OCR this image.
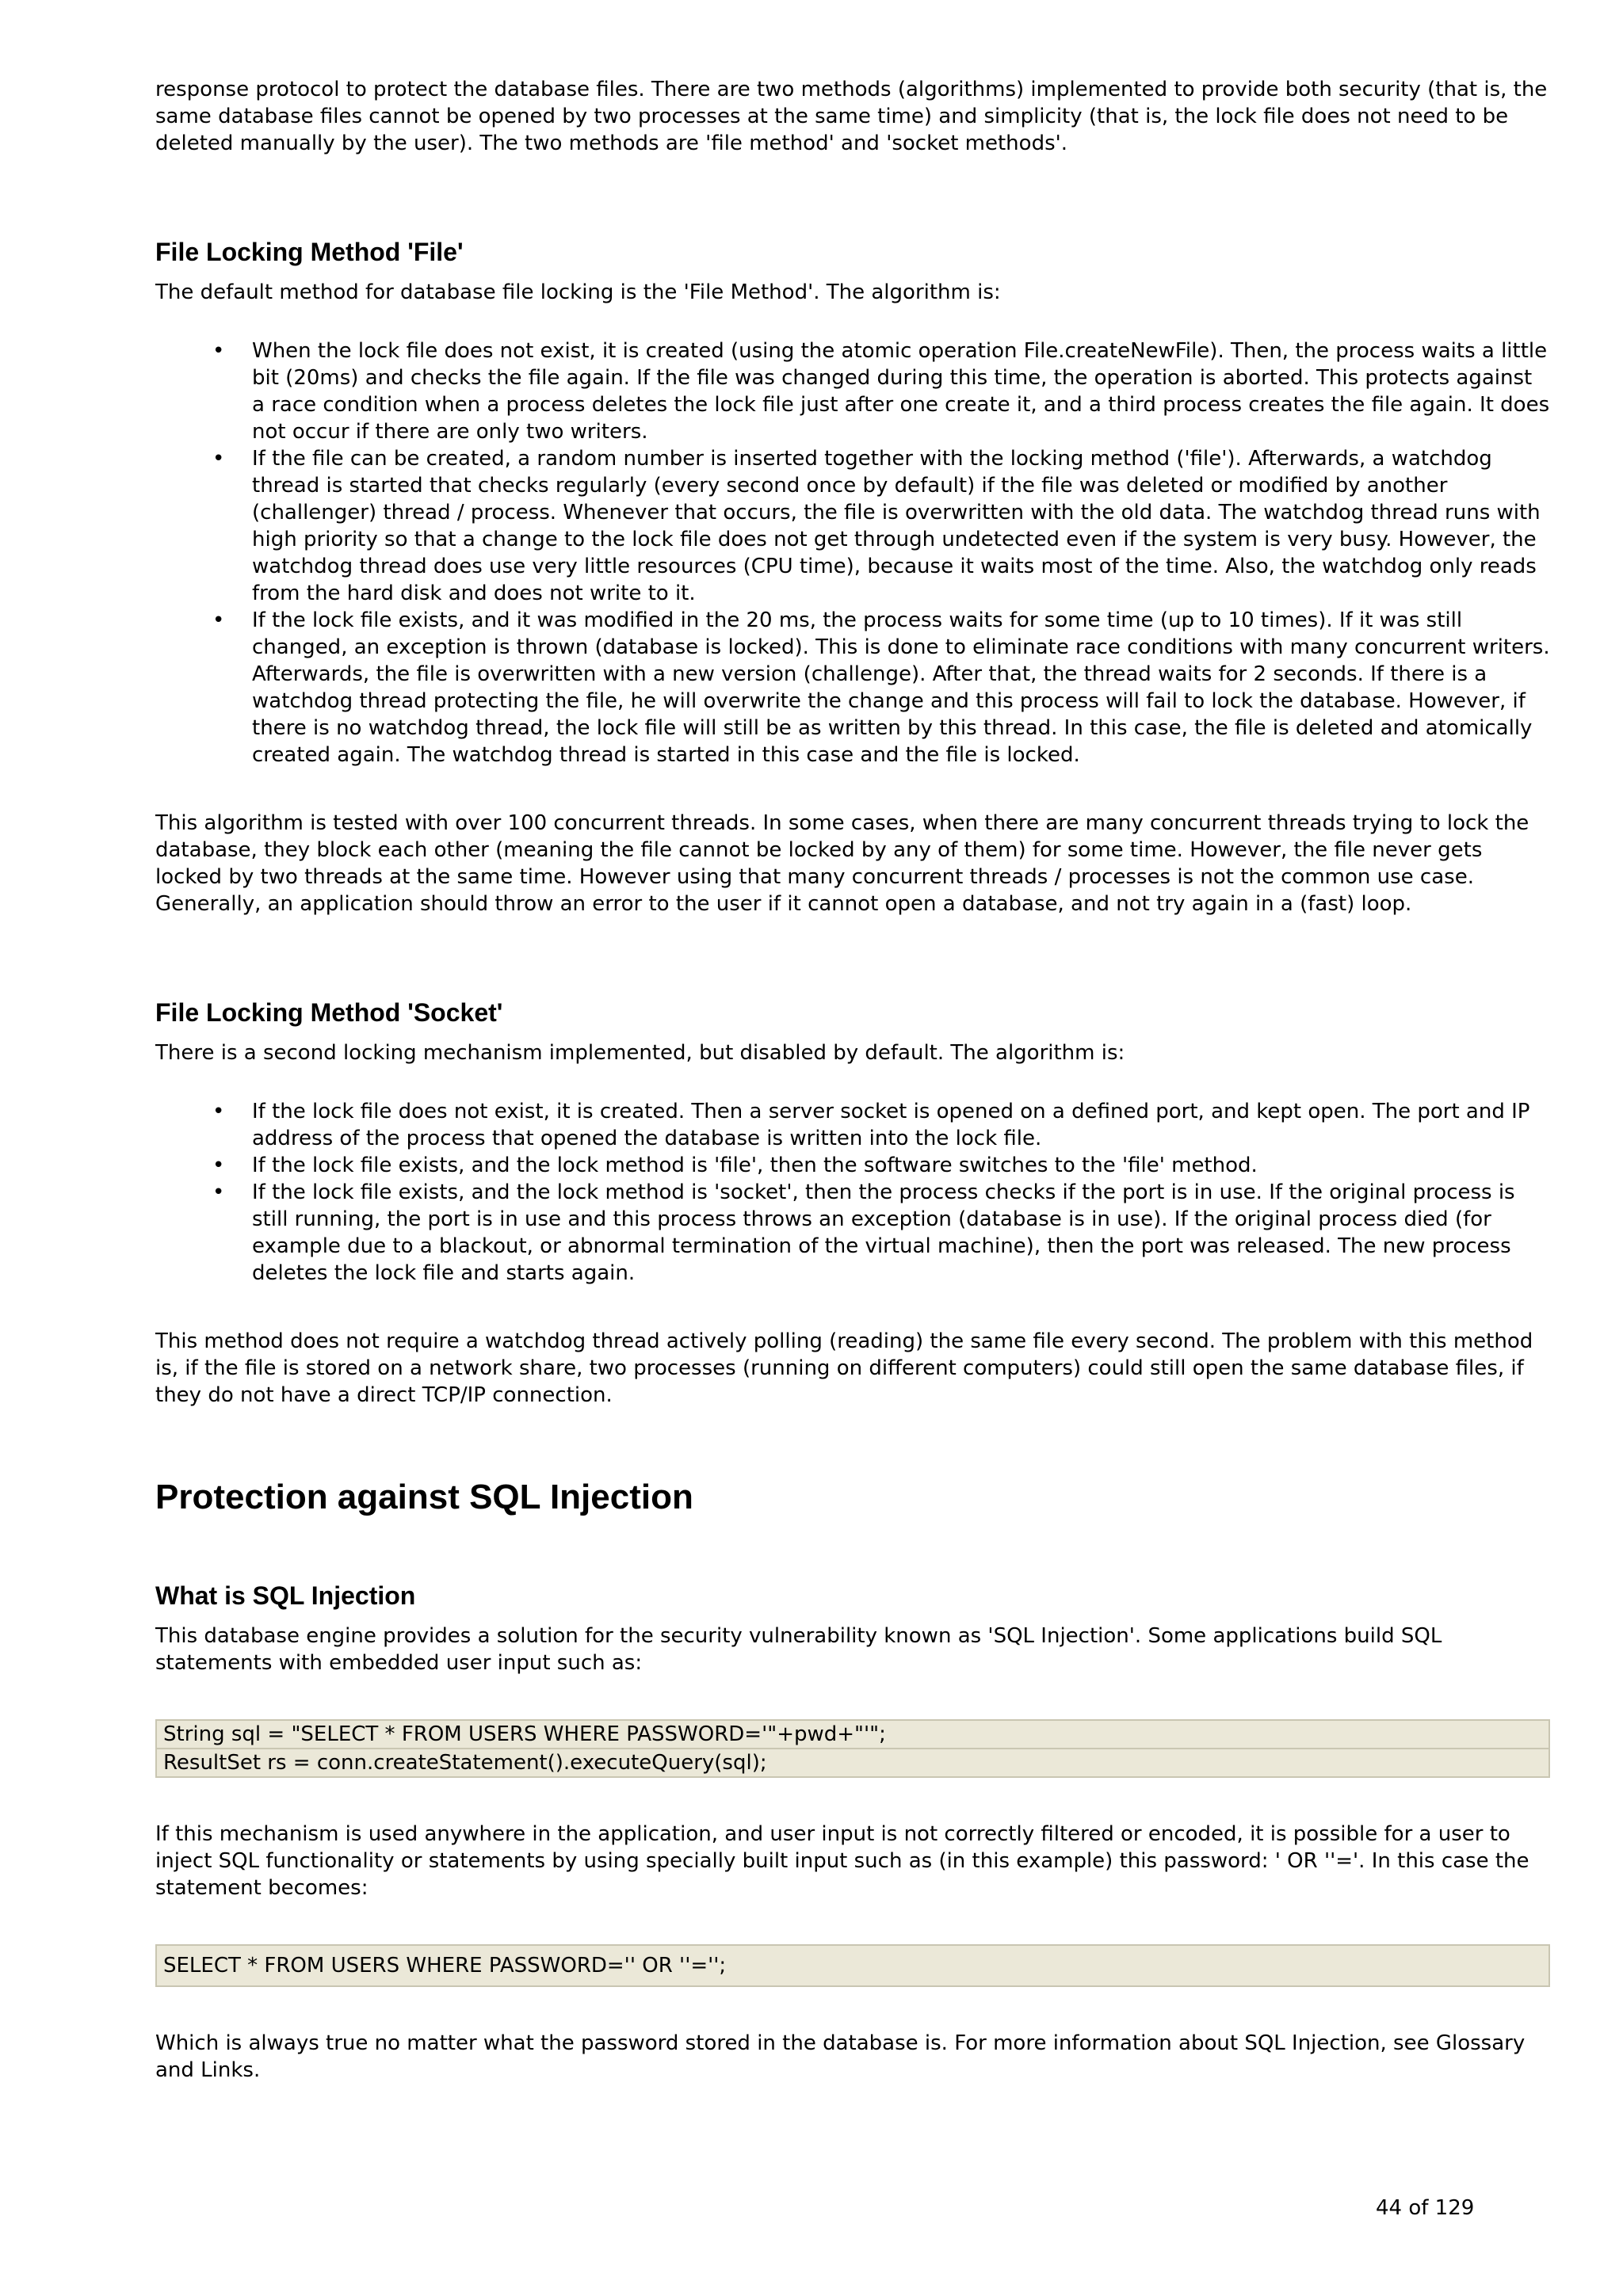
response protocol to protect the database files. There are two methods (algorithms) implemented to provide both security (that is, the same database files cannot be opened by two processes at the same time) and simplicity (that is, the lock file does not need to be deleted manually by the user). The two methods are 'file method' and 'socket methods'.

File Locking Method 'File'

The default method for database file locking is the 'File Method'. The algorithm is:

• When the lock file does not exist, it is created (using the atomic operation File.createNewFile). Then, the process waits a little bit (20ms) and checks the file again. If the file was changed during this time, the operation is aborted. This protects against a race condition when a process deletes the lock file just after one create it, and a third process creates the file again. It does not occur if there are only two writers.
• If the file can be created, a random number is inserted together with the locking method ('file'). Afterwards, a watchdog thread is started that checks regularly (every second once by default) if the file was deleted or modified by another (challenger) thread / process. Whenever that occurs, the file is overwritten with the old data. The watchdog thread runs with high priority so that a change to the lock file does not get through undetected even if the system is very busy. However, the watchdog thread does use very little resources (CPU time), because it waits most of the time. Also, the watchdog only reads from the hard disk and does not write to it.
• If the lock file exists, and it was modified in the 20 ms, the process waits for some time (up to 10 times). If it was still changed, an exception is thrown (database is locked). This is done to eliminate race conditions with many concurrent writers. Afterwards, the file is overwritten with a new version (challenge). After that, the thread waits for 2 seconds. If there is a watchdog thread protecting the file, he will overwrite the change and this process will fail to lock the database. However, if there is no watchdog thread, the lock file will still be as written by this thread. In this case, the file is deleted and atomically created again. The watchdog thread is started in this case and the file is locked.

This algorithm is tested with over 100 concurrent threads. In some cases, when there are many concurrent threads trying to lock the database, they block each other (meaning the file cannot be locked by any of them) for some time. However, the file never gets locked by two threads at the same time. However using that many concurrent threads / processes is not the common use case. Generally, an application should throw an error to the user if it cannot open a database, and not try again in a (fast) loop.

File Locking Method 'Socket'

There is a second locking mechanism implemented, but disabled by default. The algorithm is:

• If the lock file does not exist, it is created. Then a server socket is opened on a defined port, and kept open. The port and IP address of the process that opened the database is written into the lock file.
• If the lock file exists, and the lock method is 'file', then the software switches to the 'file' method.
• If the lock file exists, and the lock method is 'socket', then the process checks if the port is in use. If the original process is still running, the port is in use and this process throws an exception (database is in use). If the original process died (for example due to a blackout, or abnormal termination of the virtual machine), then the port was released. The new process deletes the lock file and starts again.

This method does not require a watchdog thread actively polling (reading) the same file every second. The problem with this method is, if the file is stored on a network share, two processes (running on different computers) could still open the same database files, if they do not have a direct TCP/IP connection.

Protection against SQL Injection
What is SQL Injection

This database engine provides a solution for the security vulnerability known as 'SQL Injection'. Some applications build SQL statements with embedded user input such as:

String sql = "SELECT * FROM USERS WHERE PASSWORD='"+pwd+"'";
ResultSet rs = conn.createStatement().executeQuery(sql);

If this mechanism is used anywhere in the application, and user input is not correctly filtered or encoded, it is possible for a user to inject SQL functionality or statements by using specially built input such as (in this example) this password: ' OR ''='. In this case the statement becomes:

SELECT * FROM USERS WHERE PASSWORD='' OR ''='';

Which is always true no matter what the password stored in the database is. For more information about SQL Injection, see Glossary and Links.

44 of 129
